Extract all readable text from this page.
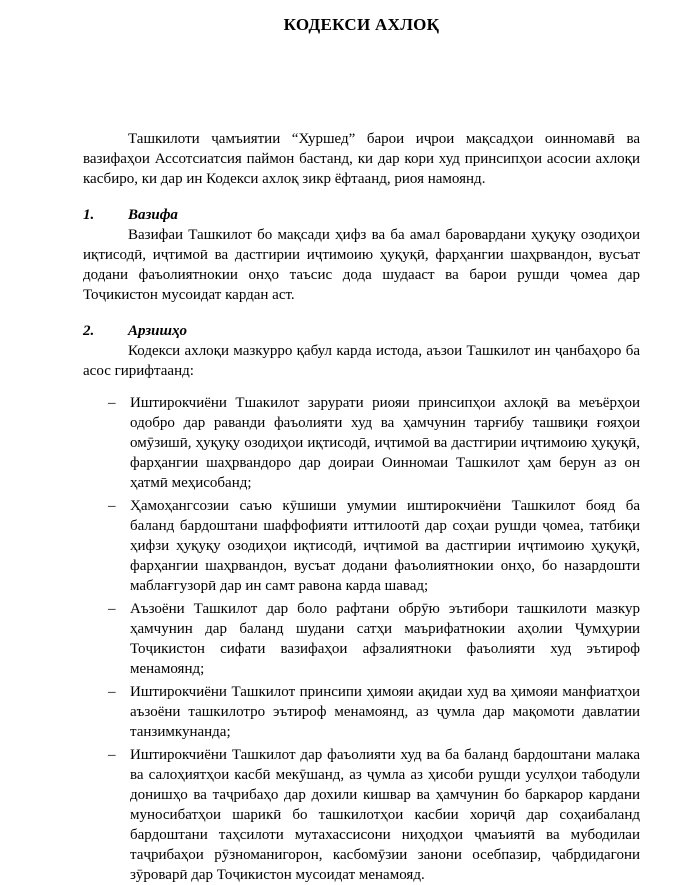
КОДЕКСИ АХЛОҚ

Ташкилоти ҷамъиятии “Хуршед” барои иҷрои мақсадҳои оинномавӣ ва вазифаҳои Ассотсиатсия паймон бастанд, ки дар кори худ принсипҳои асосии ахлоқи касбиро, ки дар ин Кодекси ахлоқ зикр ёфтаанд, риоя намоянд.

1.	Вазифа

Вазифаи Ташкилот бо мақсади ҳифз ва ба амал баровардани ҳуқуқу озодиҳои иқтисодӣ, иҷтимоӣ ва дастгирии иҷтимоию ҳуқуқӣ, фарҳангии шаҳрвандон, вусъат додани фаъолиятнокии онҳо таъсис дода шудааст ва барои рушди ҷомеа дар Тоҷикистон мусоидат кардан аст.

2.	Арзишҳо

Кодекси ахлоқи мазкурро қабул карда истода, аъзои Ташкилот ин ҷанбаҳоро ба асос гирифтаанд:

– Иштирокчиёни Тшакилот зарурати риояи принсипҳои ахлоқӣ ва меъёрҳои одобро дар раванди фаъолияти худ ва ҳамчунин тарғибу ташвиқи ғояҳои омӯзишӣ, ҳуқуқу озодиҳои иқтисодӣ, иҷтимоӣ ва дастгирии иҷтимоию ҳуқуқӣ, фарҳангии шаҳрвандоро дар доираи Оинномаи Ташкилот ҳам берун аз он ҳатмӣ меҳисобанд;
– Ҳамоҳангсозии саъю кӯшиши умумии иштирокчиёни Ташкилот бояд ба баланд бардоштани шаффофияти иттилоотӣ дар соҳаи рушди ҷомеа, татбиқи ҳифзи ҳуқуқу озодиҳои иқтисодӣ, иҷтимоӣ ва дастгирии иҷтимоию ҳуқуқӣ, фарҳангии шаҳрвандон, вусъат додани фаъолиятнокии онҳо, бо назардошти маблағгузорӣ дар ин самт равона карда шавад;
– Аъзоёни Ташкилот дар боло рафтани обрӯю эътибори ташкилоти мазкур ҳамчунин дар баланд шудани сатҳи маърифатнокии аҳолии Ҷумҳурии Тоҷикистон сифати вазифаҳои афзалиятноки фаъолияти худ эътироф менамоянд;
– Иштирокчиёни Ташкилот принсипи ҳимояи ақидаи худ ва ҳимояи манфиатҳои аъзоёни ташкилотро эътироф менамоянд, аз ҷумла дар мақомоти давлатии танзимкунанда;
– Иштирокчиёни Ташкилот дар фаъолияти худ ва ба баланд бардоштани малака ва салоҳиятҳои касбӣ мекӯшанд, аз ҷумла аз ҳисоби рушди усулҳои табодули донишҳо ва таҷрибаҳо дар дохили кишвар ва ҳамчунин бо баркарор кардани муносибатҳои шарикӣ бо ташкилотҳои касбии хориҷӣ дар соҳаибаланд бардоштани таҳсилоти мутахассисони ниҳодҳои ҷмаъиятӣ ва мубодилаи таҷрибаҳои рӯзноманигорон, касбомӯзии занони осебпазир, ҷабрдидагони зӯроварӣ дар Тоҷикистон мусоидат менамояд.
